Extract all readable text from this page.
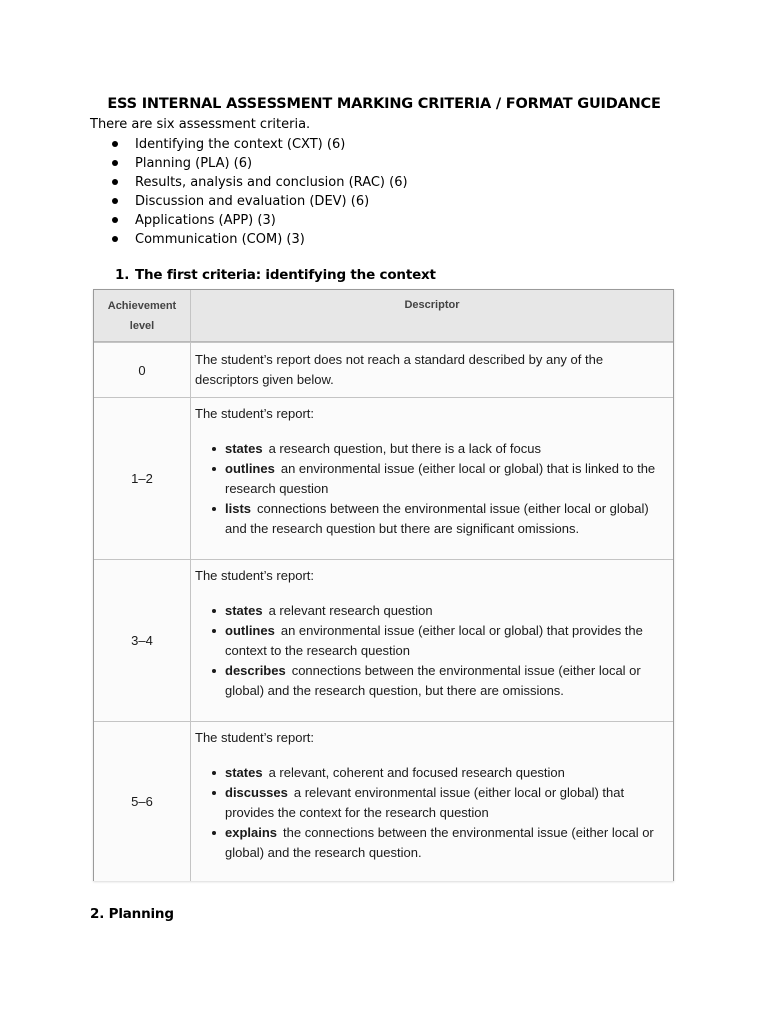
ESS INTERNAL ASSESSMENT MARKING CRITERIA / FORMAT GUIDANCE
There are six assessment criteria.
Identifying the context (CXT) (6)
Planning (PLA) (6)
Results, analysis and conclusion (RAC) (6)
Discussion and evaluation (DEV) (6)
Applications (APP) (3)
Communication (COM) (3)
1. The first criteria: identifying the context
Achievement
level
Descriptor
0
The student’s report does not reach a standard described by any of the descriptors given below.
1–2
The student’s report:
states a research question, but there is a lack of focus
outlines an environmental issue (either local or global) that is linked to the research question
lists connections between the environmental issue (either local or global) and the research question but there are significant omissions.
3–4
The student’s report:
states a relevant research question
outlines an environmental issue (either local or global) that provides the context to the research question
describes connections between the environmental issue (either local or global) and the research question, but there are omissions.
5–6
The student’s report:
states a relevant, coherent and focused research question
discusses a relevant environmental issue (either local or global) that provides the context for the research question
explains the connections between the environmental issue (either local or global) and the research question.
2. Planning
